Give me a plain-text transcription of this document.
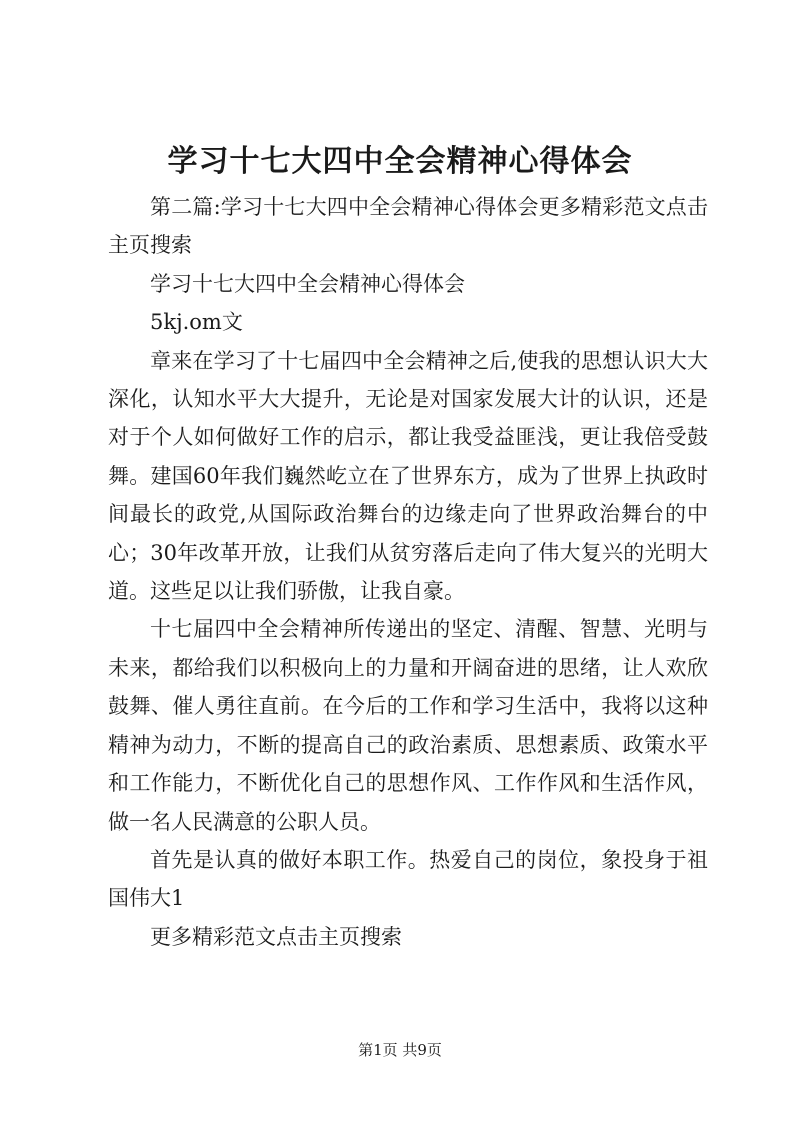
学习十七大四中全会精神心得体会

第二篇:学习十七大四中全会精神心得体会更多精彩范文点击主页搜索

学习十七大四中全会精神心得体会

5kj.om文

章来在学习了十七届四中全会精神之后,使我的思想认识大大深化，认知水平大大提升，无论是对国家发展大计的认识，还是对于个人如何做好工作的启示，都让我受益匪浅，更让我倍受鼓舞。建国60年我们巍然屹立在了世界东方，成为了世界上执政时间最长的政党,从国际政治舞台的边缘走向了世界政治舞台的中心；30年改革开放，让我们从贫穷落后走向了伟大复兴的光明大道。这些足以让我们骄傲，让我自豪。

十七届四中全会精神所传递出的坚定、清醒、智慧、光明与未来，都给我们以积极向上的力量和开阔奋进的思绪，让人欢欣鼓舞、催人勇往直前。在今后的工作和学习生活中，我将以这种精神为动力，不断的提高自己的政治素质、思想素质、政策水平和工作能力，不断优化自己的思想作风、工作作风和生活作风，做一名人民满意的公职人员。

首先是认真的做好本职工作。热爱自己的岗位，象投身于祖国伟大1

更多精彩范文点击主页搜索

第1页 共9页
